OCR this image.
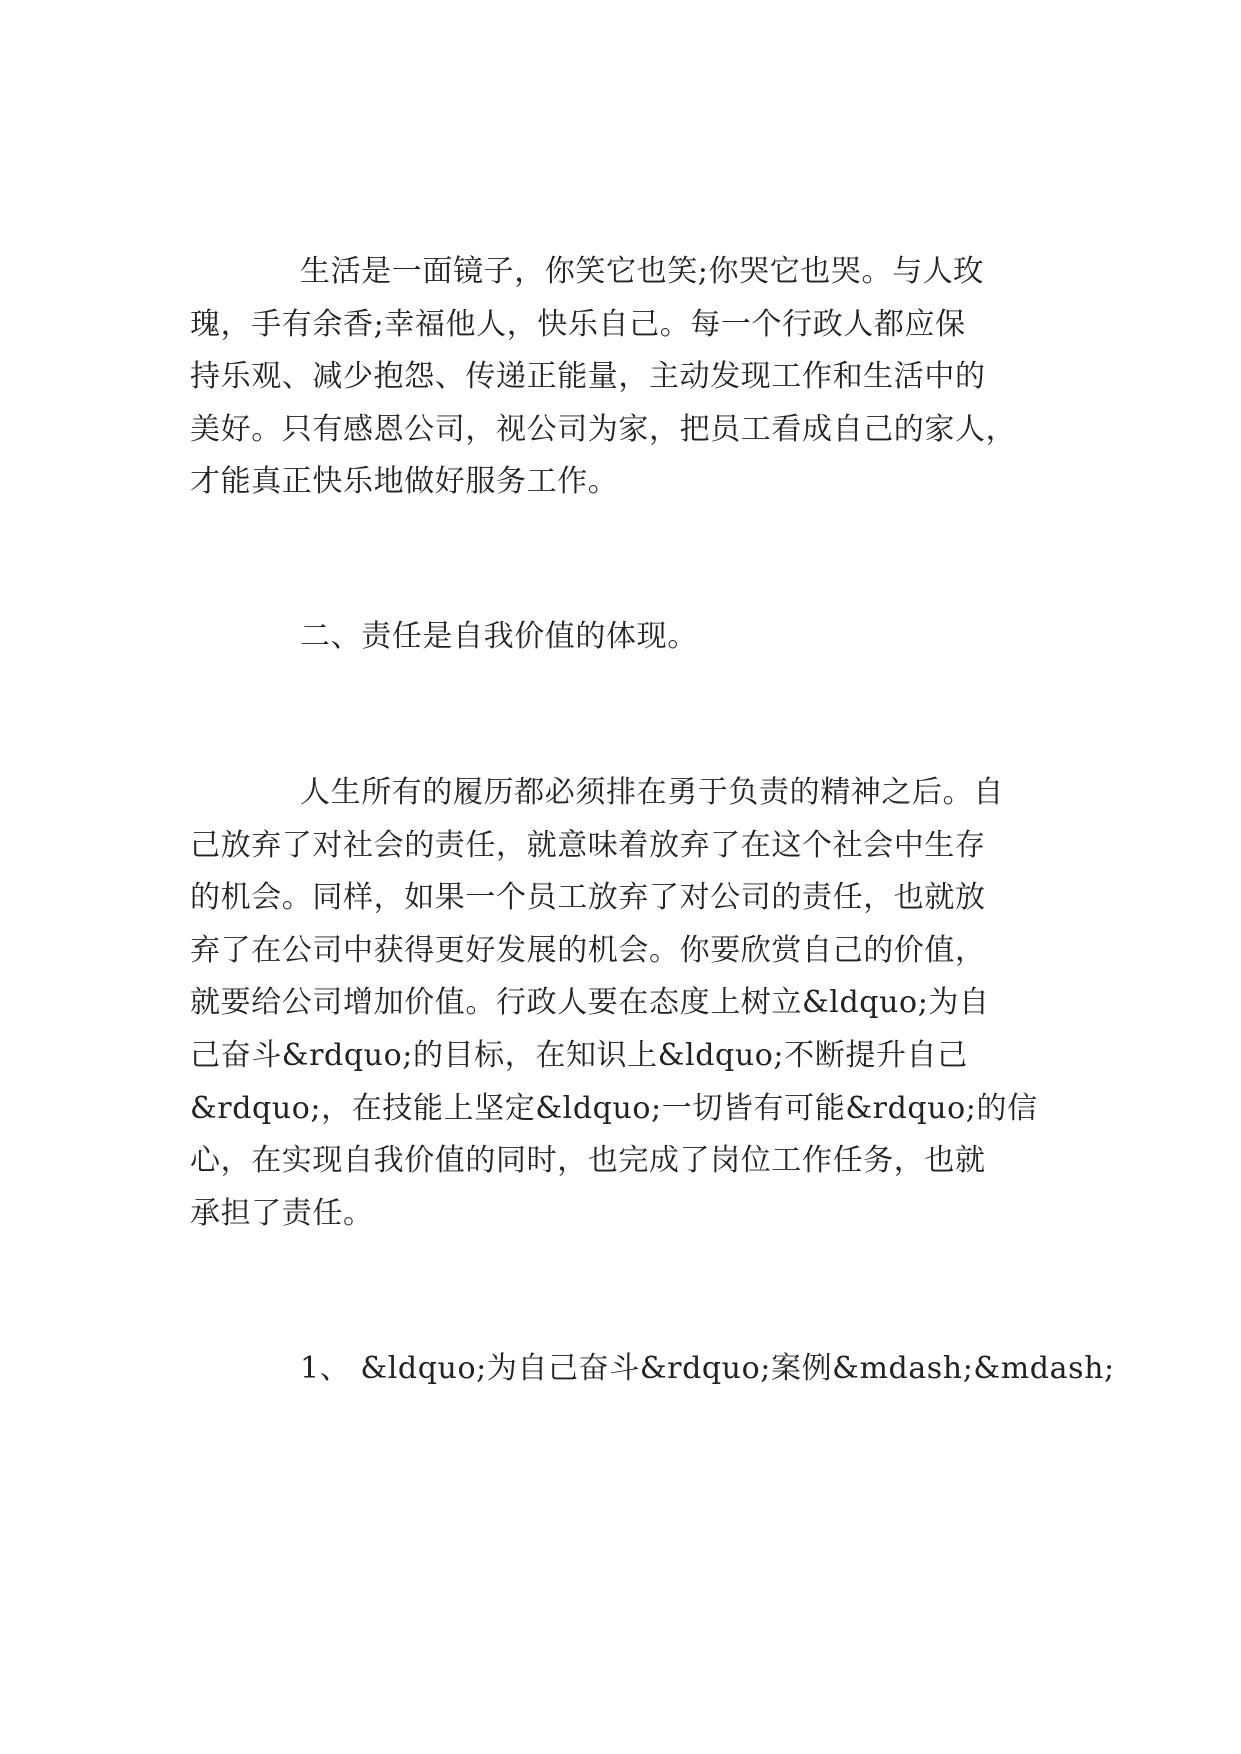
生活是一面镜子，你笑它也笑;你哭它也哭。与人玫
瑰，手有余香;幸福他人，快乐自己。每一个行政人都应保
持乐观、减少抱怨、传递正能量，主动发现工作和生活中的
美好。只有感恩公司，视公司为家，把员工看成自己的家人，
才能真正快乐地做好服务工作。
二、责任是自我价值的体现。
人生所有的履历都必须排在勇于负责的精神之后。自
己放弃了对社会的责任，就意味着放弃了在这个社会中生存
的机会。同样，如果一个员工放弃了对公司的责任，也就放
弃了在公司中获得更好发展的机会。你要欣赏自己的价值，
就要给公司增加价值。行政人要在态度上树立&ldquo;为自
己奋斗&rdquo;的目标，在知识上&ldquo;不断提升自己
&rdquo;，在技能上坚定&ldquo;一切皆有可能&rdquo;的信
心，在实现自我价值的同时，也完成了岗位工作任务，也就
承担了责任。
1、 &ldquo;为自己奋斗&rdquo;案例&mdash;&mdash;
